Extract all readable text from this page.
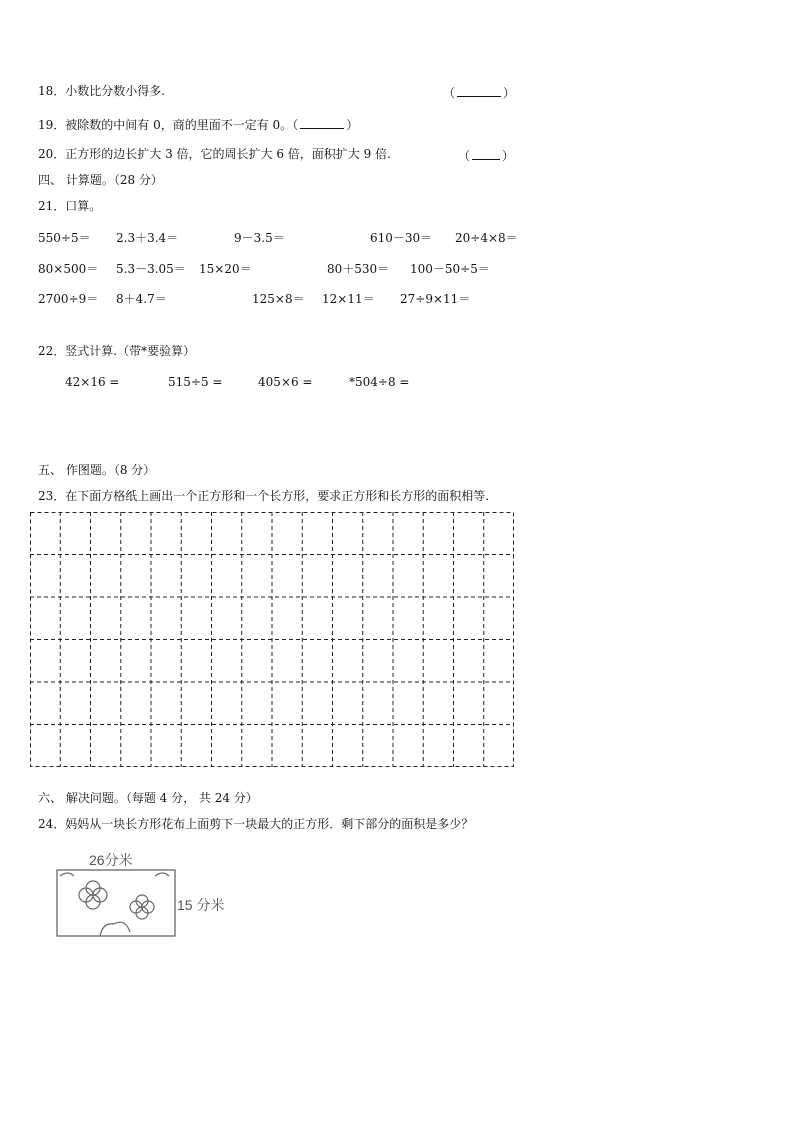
18．小数比分数小得多.	（	）
19．被除数的中间有 0，商的里面不一定有 0。（	）
20．正方形的边长扩大 3 倍，它的周长扩大 6 倍，面积扩大 9 倍.	（	）
四、 计算题。（28 分）
21．口算。
550÷5＝ 2.3＋3.4＝	9－3.5＝	610－30＝ 20÷4×8＝
80×500＝ 5.3－3.05＝ 15×20＝	80＋530＝ 100－50÷5＝
2700÷9＝ 8＋4.7＝	125×8＝ 12×11＝ 27÷9×11＝
22．竖式计算.（带*要验算）
42×16 =	515÷5 =	405×6 =	*504÷8 =
五、 作图题。（8 分）
23．在下面方格纸上画出一个正方形和一个长方形，要求正方形和长方形的面积相等.
六、 解决问题。（每题 4 分， 共 24 分）
24．妈妈从一块长方形花布上面剪下一块最大的正方形．剩下部分的面积是多少？
26分米
15 分米
